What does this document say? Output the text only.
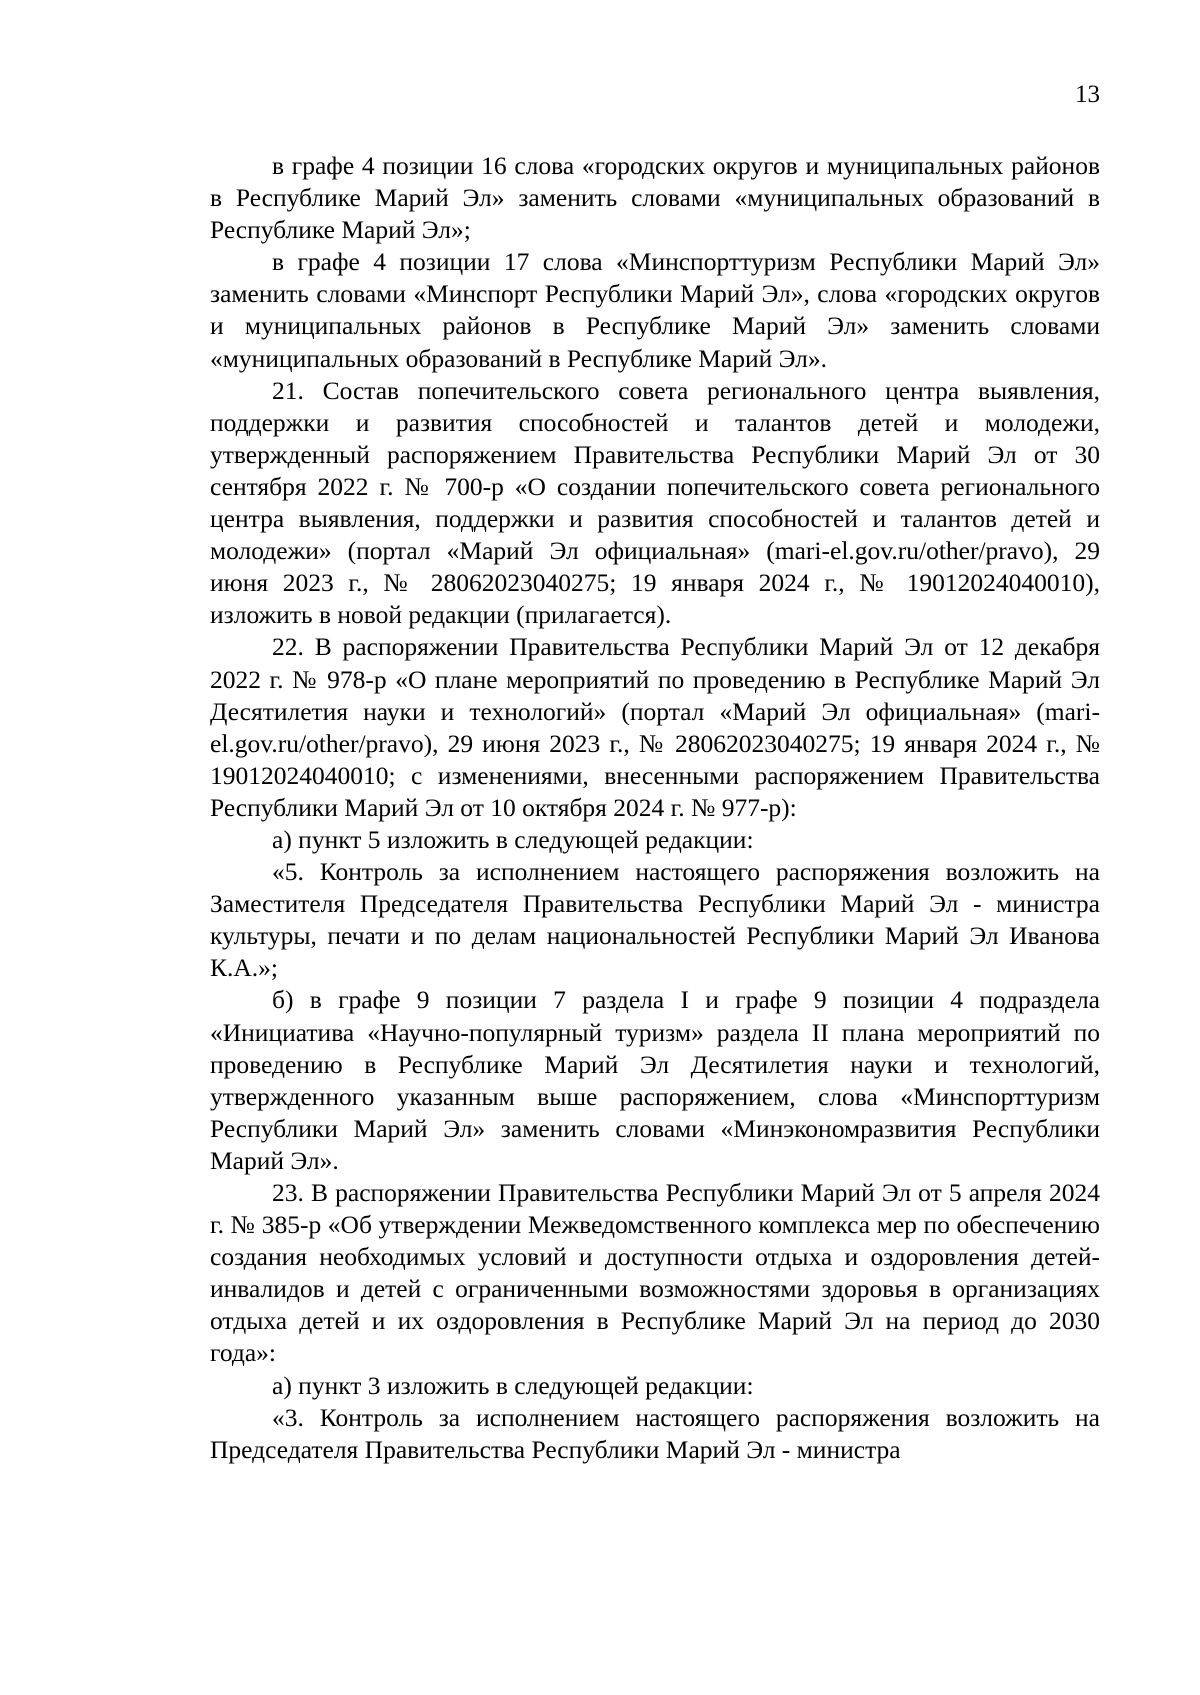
13

в графе 4 позиции 16 слова «городских округов и муниципальных районов в Республике Марий Эл» заменить словами «муниципальных образований в Республике Марий Эл»;

в графе 4 позиции 17 слова «Минспорттуризм Республики Марий Эл» заменить словами «Минспорт Республики Марий Эл», слова «городских округов и муниципальных районов в Республике Марий Эл» заменить словами «муниципальных образований в Республике Марий Эл».

21. Состав попечительского совета регионального центра выявления, поддержки и развития способностей и талантов детей и молодежи, утвержденный распоряжением Правительства Республики Марий Эл от 30 сентября 2022 г. № 700-р «О создании попечительского совета регионального центра выявления, поддержки и развития способностей и талантов детей и молодежи» (портал «Марий Эл официальная» (mari-el.gov.ru/other/pravo), 29 июня 2023 г., № 28062023040275; 19 января 2024 г., № 19012024040010), изложить в новой редакции (прилагается).

22. В распоряжении Правительства Республики Марий Эл от 12 декабря 2022 г. № 978-р «О плане мероприятий по проведению в Республике Марий Эл Десятилетия науки и технологий» (портал «Марий Эл официальная» (mari-el.gov.ru/other/pravo), 29 июня 2023 г., № 28062023040275; 19 января 2024 г., № 19012024040010; с изменениями, внесенными распоряжением Правительства Республики Марий Эл от 10 октября 2024 г. № 977-р):

а) пункт 5 изложить в следующей редакции:

«5. Контроль за исполнением настоящего распоряжения возложить на Заместителя Председателя Правительства Республики Марий Эл - министра культуры, печати и по делам национальностей Республики Марий Эл Иванова К.А.»;

б) в графе 9 позиции 7 раздела I и графе 9 позиции 4 подраздела «Инициатива «Научно-популярный туризм» раздела II плана мероприятий по проведению в Республике Марий Эл Десятилетия науки и технологий, утвержденного указанным выше распоряжением, слова «Минспорттуризм Республики Марий Эл» заменить словами «Минэкономразвития Республики Марий Эл».

23. В распоряжении Правительства Республики Марий Эл от 5 апреля 2024 г. № 385-р «Об утверждении Межведомственного комплекса мер по обеспечению создания необходимых условий и доступности отдыха и оздоровления детей-инвалидов и детей с ограниченными возможностями здоровья в организациях отдыха детей и их оздоровления в Республике Марий Эл на период до 2030 года»:

а) пункт 3 изложить в следующей редакции:

«3. Контроль за исполнением настоящего распоряжения возложить на Председателя Правительства Республики Марий Эл - министра
